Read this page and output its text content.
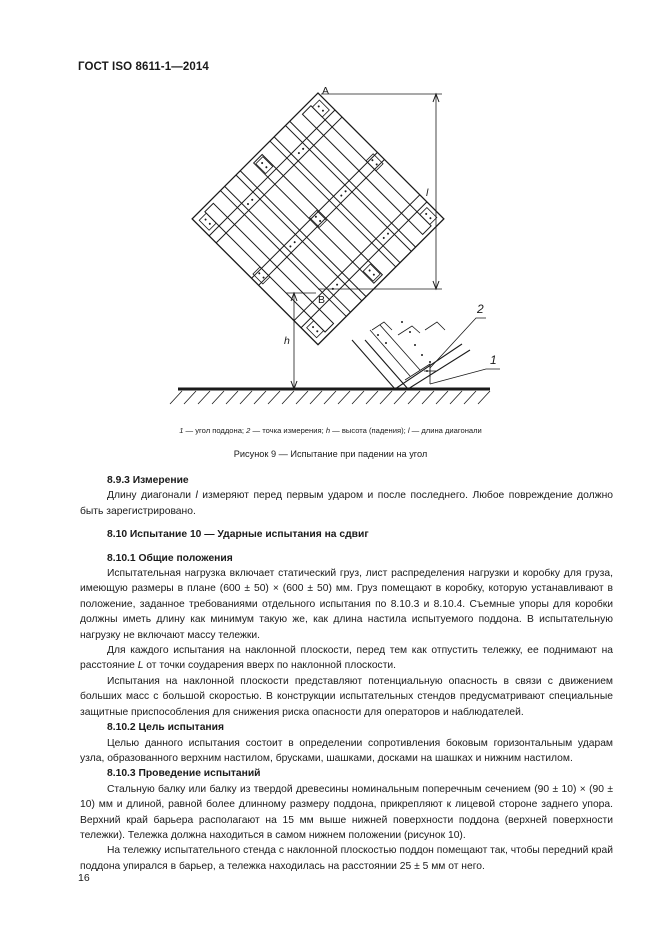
ГОСТ ISO 8611-1—2014
A
B
l
h
2
1
1 — угол поддона; 2 — точка измерения; h — высота (падения); l — длина диагонали
Рисунок 9 — Испытание при падении на угол

8.9.3 Измерение

Длину диагонали l измеряют перед первым ударом и после последнего. Любое повреждение должно быть зарегистрировано.

8.10 Испытание 10 — Ударные испытания на сдвиг

8.10.1 Общие положения

Испытательная нагрузка включает статический груз, лист распределения нагрузки и коробку для груза, имеющую размеры в плане (600 ± 50) × (600 ± 50) мм. Груз помещают в коробку, которую устанавливают в положение, заданное требованиями отдельного испытания по 8.10.3 и 8.10.4. Съемные упоры для коробки должны иметь длину как минимум такую же, как длина настила испытуемого поддона. В испытательную нагрузку не включают массу тележки.

Для каждого испытания на наклонной плоскости, перед тем как отпустить тележку, ее поднимают на расстояние L от точки соударения вверх по наклонной плоскости.

Испытания на наклонной плоскости представляют потенциальную опасность в связи с движением больших масс с большой скоростью. В конструкции испытательных стендов предусматривают специальные защитные приспособления для снижения риска опасности для операторов и наблюдателей.

8.10.2 Цель испытания

Целью данного испытания состоит в определении сопротивления боковым горизонтальным ударам узла, образованного верхним настилом, брусками, шашками, досками на шашках и нижним настилом.

8.10.3 Проведение испытаний

Стальную балку или балку из твердой древесины номинальным поперечным сечением (90 ± 10) × (90 ± 10) мм и длиной, равной более длинному размеру поддона, прикрепляют к лицевой стороне заднего упора. Верхний край барьера располагают на 15 мм выше нижней поверхности поддона (верхней поверхности тележки). Тележка должна находиться в самом нижнем положении (рисунок 10).

На тележку испытательного стенда с наклонной плоскостью поддон помещают так, чтобы передний край поддона упирался в барьер, а тележка находилась на расстоянии 25 ± 5 мм от него.

16
